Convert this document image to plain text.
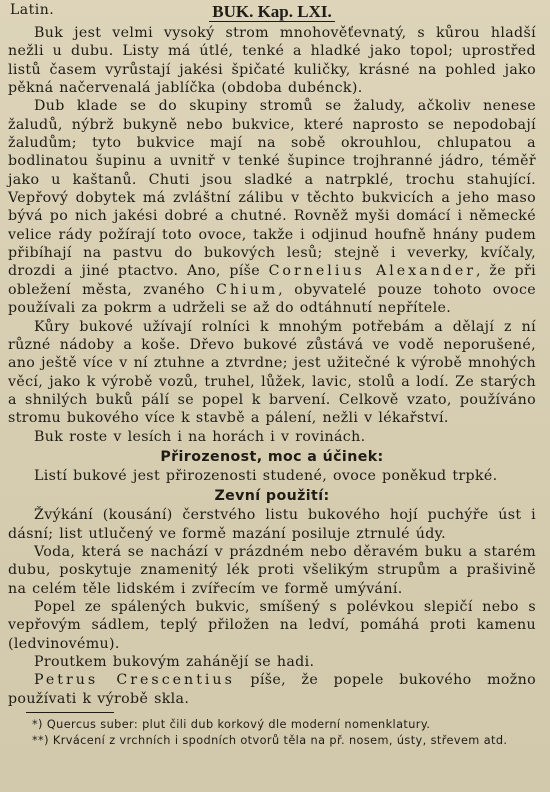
Latin.	BUK. Kap. LXI.

Buk jest velmi vysoký strom mnohověťevnatý, s kůrou hladší nežli u dubu. Listy má útlé, tenké a hladké jako topol; uprostřed listů časem vyrůstají jakési špičaté kuličky, krásné na pohled jako pěkná načervenalá jablíčka (obdoba dubénck).

Dub klade se do skupiny stromů se žaludy, ačkoliv nenese žaludů, nýbrž bukyně nebo bukvice, které naprosto se nepodobají žaludům; tyto bukvice mají na sobě okrouhlou, chlupatou a bodlinatou šupinu a uvnitř v tenké šupince trojhranné jádro, téměř jako u kaštanů. Chuti jsou sladké a natrpklé, trochu stahující. Vepřový dobytek má zvláštní zálibu v těchto bukvicích a jeho maso bývá po nich jakési dobré a chutné. Rovněž myši domácí i německé velice rády požírají toto ovoce, takže i odjinud houfně hnány pudem přibíhají na pastvu do bukových lesů; stejně i veverky, kvíčaly, drozdi a jiné ptactvo. Ano, píše Cornelius Alexander, že při obležení města, zvaného Chium, obyvatelé pouze tohoto ovoce používali za pokrm a udrželi se až do odtáhnutí nepřítele.

Kůry bukové užívají rolníci k mnohým potřebám a dělají z ní různé nádoby a koše. Dřevo bukové zůstává ve vodě neporušené, ano ještě více v ní ztuhne a ztvrdne; jest užitečné k výrobě mnohých věcí, jako k výrobě vozů, truhel, lůžek, lavic, stolů a lodí. Ze starých a shnilých buků pálí se popel k barvení. Celkově vzato, používáno stromu bukového více k stavbě a pálení, nežli v lékařství.

Buk roste v lesích i na horách i v rovinách.

Přirozenost, moc a účinek:

Listí bukové jest přirozenosti studené, ovoce poněkud trpké.

Zevní použití:

Žvýkání (kousání) čerstvého listu bukového hojí puchýře úst i dásní; list utlučený ve formě mazání posiluje ztrnulé údy.

Voda, která se nachází v prázdném nebo děravém buku a starém dubu, poskytuje znamenitý lék proti všelikým strupům a prašivině na celém těle lidském i zvířecím ve formě umývání.

Popel ze spálených bukvic, smíšený s polévkou slepičí nebo s vepřovým sádlem, teplý přiložen na ledví, pomáhá proti kamenu (ledvinovému).

Proutkem bukovým zahánějí se hadi.

Petrus Crescentius píše, že popele bukového možno používati k výrobě skla.

*) Quercus suber: plut čili dub korkový dle moderní nomenklatury.
**) Krvácení z vrchních i spodních otvorů těla na př. nosem, ústy, střevem atd.
